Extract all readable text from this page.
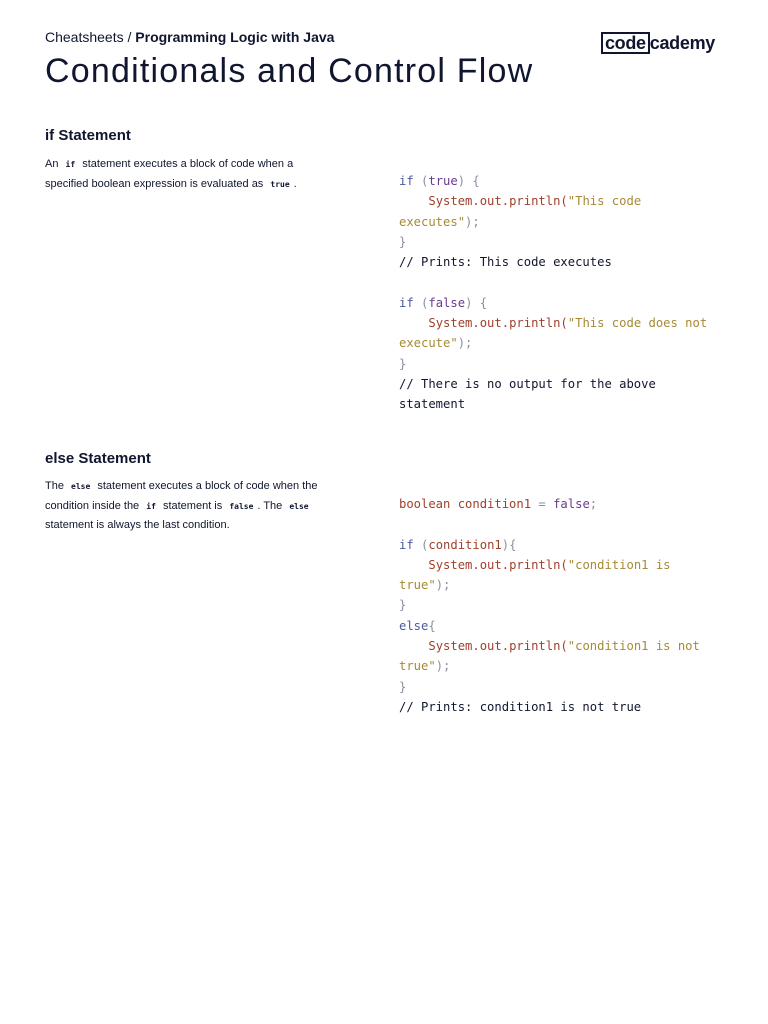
Cheatsheets / Programming Logic with Java	code cademy
Conditionals and Control Flow
if Statement

An if statement executes a block of code when a specified boolean expression is evaluated as true .	if (true) {
System.out.println("This code
executes");
}
// Prints: This code executes

if (false) {
System.out.println("This code does not
execute");
}
// There is no output for the above
statement
else Statement

The else statement executes a block of code when the condition inside the if statement is false . The else statement is always the last condition.

boolean condition1 = false;

if (condition1){
System.out.println("condition1 is
true");
}
else{
System.out.println("condition1 is not
true");
}
// Prints: condition1 is not true
